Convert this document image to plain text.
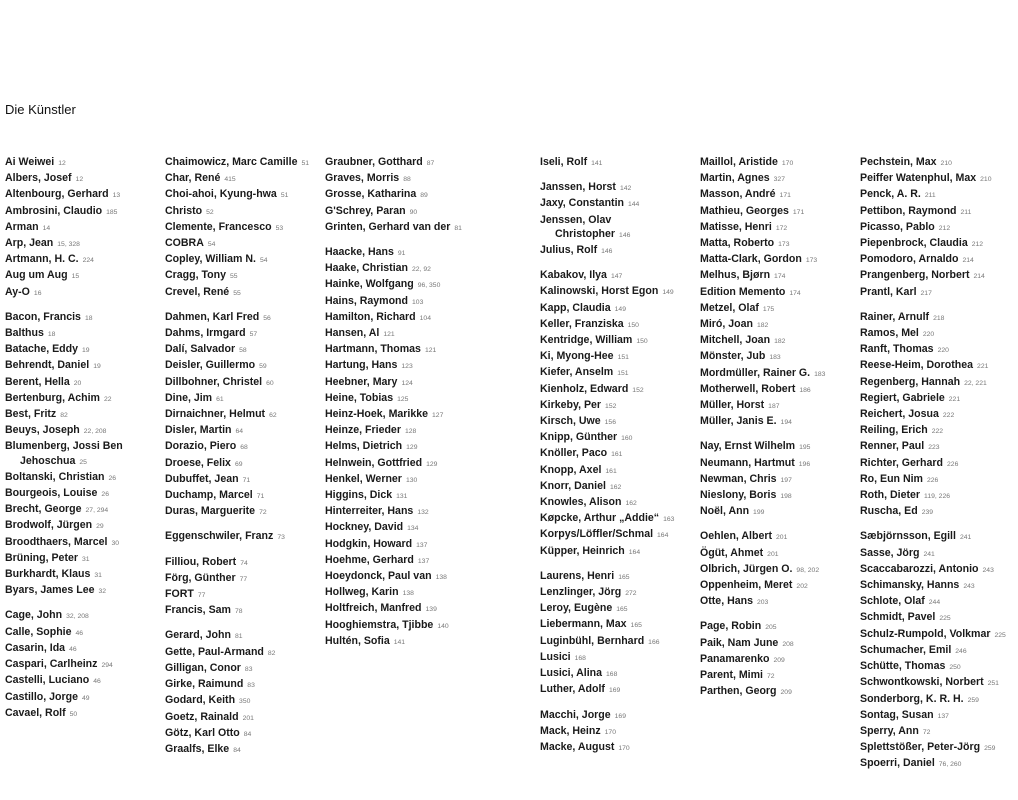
Die Künstler
Ai Weiwei 12
Albers, Josef 12
Altenbourg, Gerhard 13
Ambrosini, Claudio 185
Arman 14
Arp, Jean 15, 328
Artmann, H. C. 224
Aug um Aug 15
Ay-O 16
Bacon, Francis 18
Balthus 18
Batache, Eddy 19
Behrendt, Daniel 19
Berent, Hella 20
Bertenburg, Achim 22
Best, Fritz 82
Beuys, Joseph 22, 208
Blumenberg, Jossi Ben
Jehoschua 25
Boltanski, Christian 26
Bourgeois, Louise 26
Brecht, George 27, 294
Brodwolf, Jürgen 29
Broodthaers, Marcel 30
Brüning, Peter 31
Burkhardt, Klaus 31
Byars, James Lee 32
Cage, John 32, 208
Calle, Sophie 46
Casarin, Ida 46
Caspari, Carlheinz 294
Castelli, Luciano 46
Castillo, Jorge 49
Cavael, Rolf 50
Chaimowicz, Marc Camille 51
Char, René 415
Choi-ahoi, Kyung-hwa 51
Christo 52
Clemente, Francesco 53
COBRA 54
Copley, William N. 54
Cragg, Tony 55
Crevel, René 55
Dahmen, Karl Fred 56
Dahms, Irmgard 57
Dalí, Salvador 58
Deisler, Guillermo 59
Dillbohner, Christel 60
Dine, Jim 61
Dirnaichner, Helmut 62
Disler, Martin 64
Dorazio, Piero 68
Droese, Felix 69
Dubuffet, Jean 71
Duchamp, Marcel 71
Duras, Marguerite 72
Eggenschwiler, Franz 73
Filliou, Robert 74
Förg, Günther 77
FORT 77
Francis, Sam 78
Gerard, John 81
Gette, Paul-Armand 82
Gilligan, Conor 83
Girke, Raimund 83
Godard, Keith 350
Goetz, Rainald 201
Götz, Karl Otto 84
Graalfs, Elke 84
Graubner, Gotthard 87
Graves, Morris 88
Grosse, Katharina 89
G'Schrey, Paran 90
Grinten, Gerhard van der 81
Haacke, Hans 91
Haake, Christian 22, 92
Hainke, Wolfgang 96, 350
Hains, Raymond 103
Hamilton, Richard 104
Hansen, Al 121
Hartmann, Thomas 121
Hartung, Hans 123
Heebner, Mary 124
Heine, Tobias 125
Heinz-Hoek, Marikke 127
Heinze, Frieder 128
Helms, Dietrich 129
Helnwein, Gottfried 129
Henkel, Werner 130
Higgins, Dick 131
Hinterreiter, Hans 132
Hockney, David 134
Hodgkin, Howard 137
Hoehme, Gerhard 137
Hoeydonck, Paul van 138
Hollweg, Karin 138
Holtfreich, Manfred 139
Hooghiemstra, Tjibbe 140
Hultén, Sofia 141
Iseli, Rolf 141
Janssen, Horst 142
Jaxy, Constantin 144
Jenssen, Olav
Christopher 146
Julius, Rolf 146
Kabakov, Ilya 147
Kalinowski, Horst Egon 149
Kapp, Claudia 149
Keller, Franziska 150
Kentridge, William 150
Ki, Myong-Hee 151
Kiefer, Anselm 151
Kienholz, Edward 152
Kirkeby, Per 152
Kirsch, Uwe 156
Knipp, Günther 160
Knöller, Paco 161
Knopp, Axel 161
Knorr, Daniel 162
Knowles, Alison 162
Køpcke, Arthur „Addie“ 163
Korpys/Löffler/Schmal 164
Küpper, Heinrich 164
Laurens, Henri 165
Lenzlinger, Jörg 272
Leroy, Eugène 165
Liebermann, Max 165
Luginbühl, Bernhard 166
Lusici 168
Lusici, Alina 168
Luther, Adolf 169
Macchi, Jorge 169
Mack, Heinz 170
Macke, August 170
Maillol, Aristide 170
Martin, Agnes 327
Masson, André 171
Mathieu, Georges 171
Matisse, Henri 172
Matta, Roberto 173
Matta-Clark, Gordon 173
Melhus, Bjørn 174
Edition Memento 174
Metzel, Olaf 175
Miró, Joan 182
Mitchell, Joan 182
Mönster, Jub 183
Mordmüller, Rainer G. 183
Motherwell, Robert 186
Müller, Horst 187
Müller, Janis E. 194
Nay, Ernst Wilhelm 195
Neumann, Hartmut 196
Newman, Chris 197
Nieslony, Boris 198
Noël, Ann 199
Oehlen, Albert 201
Ögüt, Ahmet 201
Olbrich, Jürgen O. 98, 202
Oppenheim, Meret 202
Otte, Hans 203
Page, Robin 205
Paik, Nam June 208
Panamarenko 209
Parent, Mimi 72
Parthen, Georg 209
Pechstein, Max 210
Peiffer Watenphul, Max 210
Penck, A. R. 211
Pettibon, Raymond 211
Picasso, Pablo 212
Piepenbrock, Claudia 212
Pomodoro, Arnaldo 214
Prangenberg, Norbert 214
Prantl, Karl 217
Rainer, Arnulf 218
Ramos, Mel 220
Ranft, Thomas 220
Reese-Heim, Dorothea 221
Regenberg, Hannah 22, 221
Regiert, Gabriele 221
Reichert, Josua 222
Reiling, Erich 222
Renner, Paul 223
Richter, Gerhard 226
Ro, Eun Nim 226
Roth, Dieter 119, 226
Ruscha, Ed 239
Sæbjörnsson, Egill 241
Sasse, Jörg 241
Scaccabarozzi, Antonio 243
Schimansky, Hanns 243
Schlote, Olaf 244
Schmidt, Pavel 225
Schulz-Rumpold, Volkmar 225
Schumacher, Emil 246
Schütte, Thomas 250
Schwontkowski, Norbert 251
Sonderborg, K. R. H. 259
Sontag, Susan 137
Sperry, Ann 72
Splettstößer, Peter-Jörg 259
Spoerri, Daniel 76, 260
